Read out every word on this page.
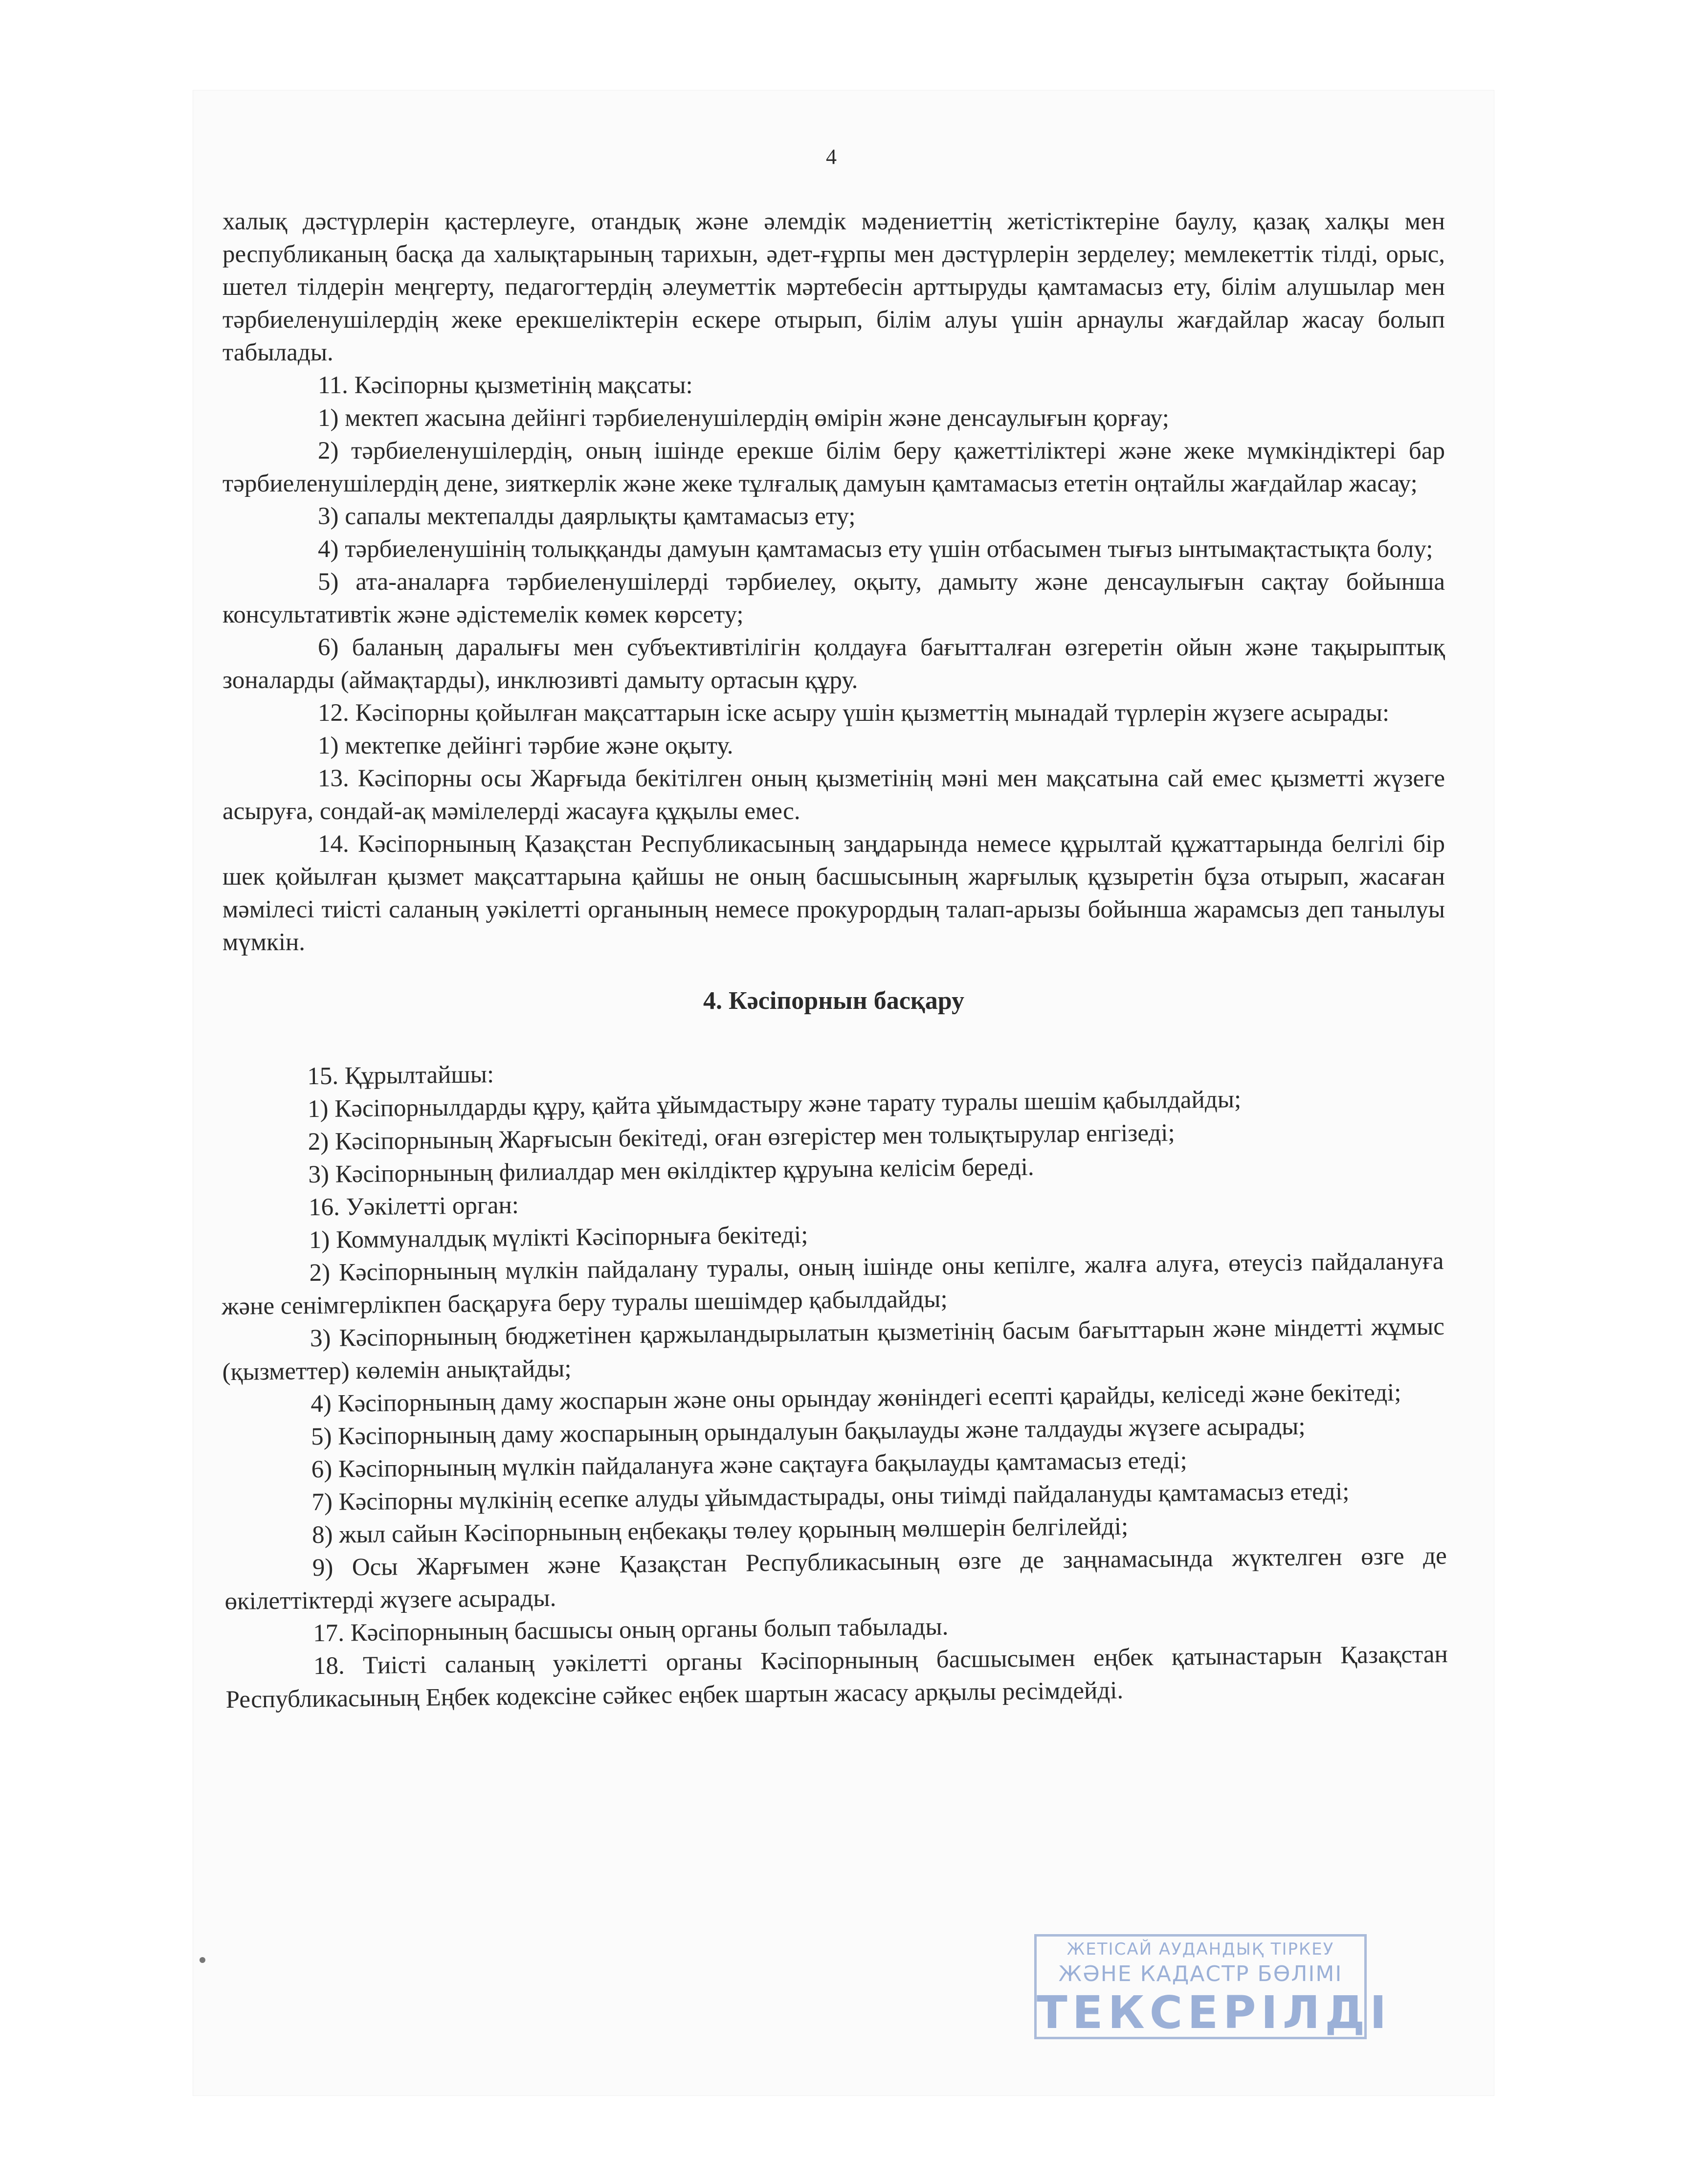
4

халық дәстүрлерін қастерлеуге, отандық және әлемдік мәдениеттің жетістіктеріне баулу, қазақ халқы мен республиканың басқа да халықтарының тарихын, әдет-ғұрпы мен дәстүрлерін зерделеу; мемлекеттік тілді, орыс, шетел тілдерін меңгерту, педагогтердің әлеуметтік мәртебесін арттыруды қамтамасыз ету, білім алушылар мен тәрбиеленушілердің жеке ерекшеліктерін ескере отырып, білім алуы үшін арнаулы жағдайлар жасау болып табылады.

11. Кәсіпорны қызметінің мақсаты:

1) мектеп жасына дейінгі тәрбиеленушілердің өмірін және денсаулығын қорғау;

2) тәрбиеленушілердің, оның ішінде ерекше білім беру қажеттіліктері және жеке мүмкіндіктері бар тәрбиеленушілердің дене, зияткерлік және жеке тұлғалық дамуын қамтамасыз ететін оңтайлы жағдайлар жасау;

3) сапалы мектепалды даярлықты қамтамасыз ету;

4) тәрбиеленушінің толыққанды дамуын қамтамасыз ету үшін отбасымен тығыз ынтымақтастықта болу;

5) ата-аналарға тәрбиеленушілерді тәрбиелеу, оқыту, дамыту және денсаулығын сақтау бойынша консультативтік және әдістемелік көмек көрсету;

6) баланың даралығы мен субъективтілігін қолдауға бағытталған өзгеретін ойын және тақырыптық зоналарды (аймақтарды), инклюзивті дамыту ортасын құру.

12. Кәсіпорны қойылған мақсаттарын іске асыру үшін қызметтің мынадай түрлерін жүзеге асырады:

1) мектепке дейінгі тәрбие және оқыту.

13. Кәсіпорны осы Жарғыда бекітілген оның қызметінің мәні мен мақсатына сай емес қызметті жүзеге асыруға, сондай-ақ мәмілелерді жасауға құқылы емес.

14. Кәсіпорнының Қазақстан Республикасының заңдарында немесе құрылтай құжаттарында белгілі бір шек қойылған қызмет мақсаттарына қайшы не оның басшысының жарғылық құзыретін бұза отырып, жасаған мәмілесі тиісті саланың уәкілетті органының немесе прокурордың талап-арызы бойынша жарамсыз деп танылуы мүмкін.

4. Кәсіпорнын басқару

15. Құрылтайшы:

1) Кәсіпорнылдарды құру, қайта ұйымдастыру және тарату туралы шешім қабылдайды;

2) Кәсіпорнының Жарғысын бекітеді, оған өзгерістер мен толықтырулар енгізеді;

3) Кәсіпорнының филиалдар мен өкілдіктер құруына келісім береді.

16. Уәкілетті орган:

1) Коммуналдық мүлікті Кәсіпорныға бекітеді;

2) Кәсіпорнының мүлкін пайдалану туралы, оның ішінде оны кепілге, жалға алуға, өтеусіз пайдалануға және сенімгерлікпен басқаруға беру туралы шешімдер қабылдайды;

3) Кәсіпорнының бюджетінен қаржыландырылатын қызметінің басым бағыттарын және міндетті жұмыс (қызметтер) көлемін анықтайды;

4) Кәсіпорнының даму жоспарын және оны орындау жөніндегі есепті қарайды, келіседі және бекітеді;

5) Кәсіпорнының даму жоспарының орындалуын бақылауды және талдауды жүзеге асырады;

6) Кәсіпорнының мүлкін пайдалануға және сақтауға бақылауды қамтамасыз етеді;

7) Кәсіпорны мүлкінің есепке алуды ұйымдастырады, оны тиімді пайдалануды қамтамасыз етеді;

8) жыл сайын Кәсіпорнының еңбекақы төлеу қорының мөлшерін белгілейді;

9) Осы Жарғымен және Қазақстан Республикасының өзге де заңнамасында жүктелген өзге де өкілеттіктерді жүзеге асырады.

17. Кәсіпорнының басшысы оның органы болып табылады.

18. Тиісті саланың уәкілетті органы Кәсіпорнының басшысымен еңбек қатынастарын Қазақстан Республикасының Еңбек кодексіне сәйкес еңбек шартын жасасу арқылы ресімдейді.

ЖЕТІСАЙ АУДАНДЫҚ ТІРКЕУ
ЖӘНЕ КАДАСТР БӨЛІМІ
ТЕКСЕРІЛДІ
